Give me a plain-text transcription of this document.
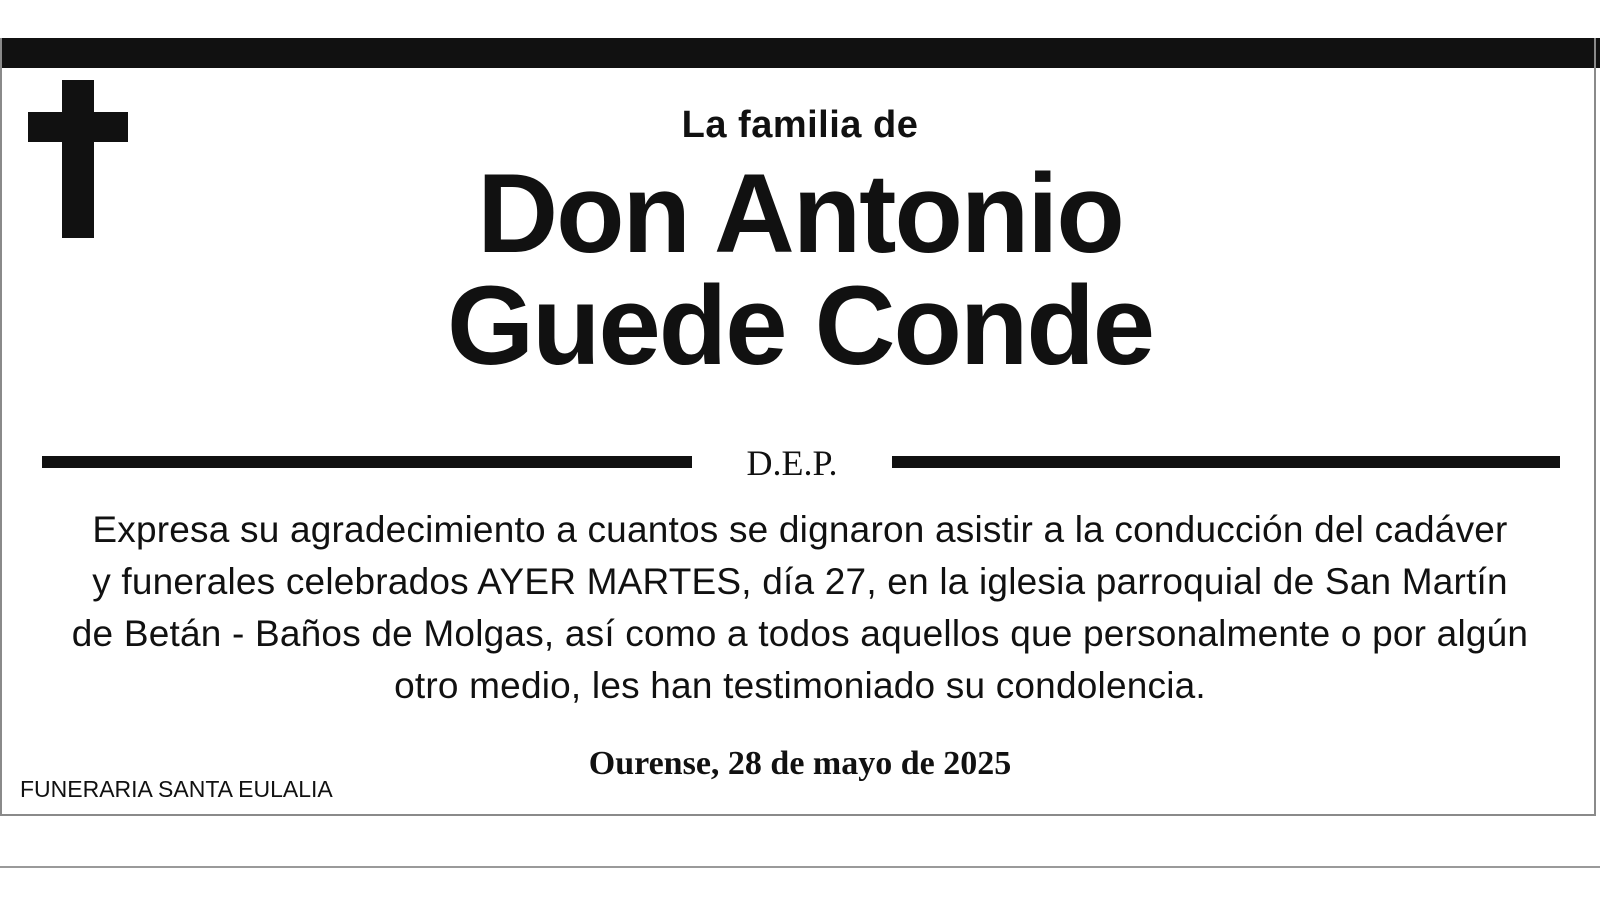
La familia de
Don Antonio
Guede Conde
D.E.P.
Expresa su agradecimiento a cuantos se dignaron asistir a la conducción del cadáver
y funerales celebrados AYER MARTES, día 27, en la iglesia parroquial de San Martín
de Betán - Baños de Molgas, así como a todos aquellos que personalmente o por algún
otro medio, les han testimoniado su condolencia.
Ourense, 28 de mayo de 2025
FUNERARIA SANTA EULALIA
